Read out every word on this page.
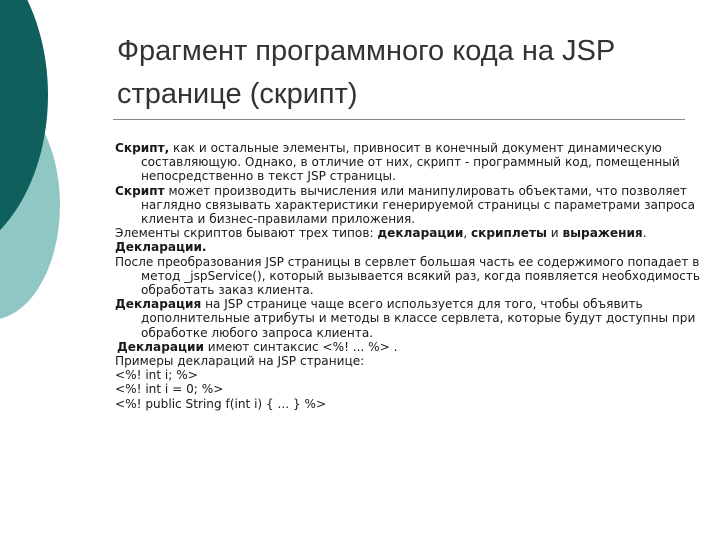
Фрагмент программного кода на JSP странице (скрипт)

Скрипт, как и остальные элементы, привносит в конечный документ динамическую составляющую. Однако, в отличие от них, скрипт - программный код, помещенный непосредственно в текст JSP страницы.

Скрипт может производить вычисления или манипулировать объектами, что позволяет наглядно связывать характеристики генерируемой страницы с параметрами запроса клиента и бизнес-правилами приложения.

Элементы скриптов бывают трех типов: декларации, скриплеты и выражения.

Декларации.

После преобразования JSP страницы в сервлет большая часть ее содержимого попадает в метод _jspService(), который вызывается всякий раз, когда появляется необходимость обработать заказ клиента.

Декларация на JSP странице чаще всего используется для того, чтобы объявить дополнительные атрибуты и методы в классе сервлета, которые будут доступны при обработке любого запроса клиента.

Декларации имеют синтаксис <%! ... %> .

Примеры деклараций на JSP странице:

<%! int i; %>

<%! int i = 0; %>

<%! public String f(int i) { ... } %>
